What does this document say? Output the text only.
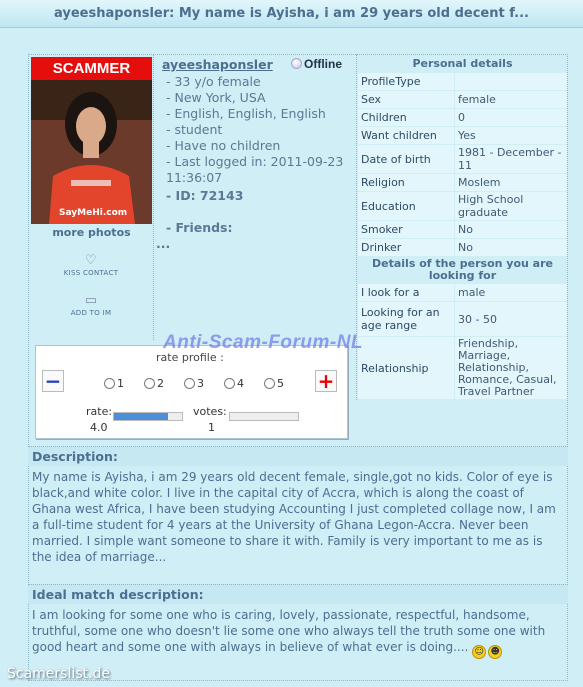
ayeeshaponsler: My name is Ayisha, i am 29 years old decent f...
SCAMMER
SayMeHi.com
more photos
♡
KISS CONTACT
▭
ADD TO IM
ayeeshaponsler
- 33 y/o female
- New York, USA
- English, English, English
- student
- Have no children
- Last logged in: 2011-09-23 11:36:07
- ID: 72143
- Friends:
...
Offline	Personal details	
ProfileType	
Sex	female
Children	0
Want children	Yes
Date of birth	1981 - December - 11
Religion	Moslem
Education	High School graduate
Smoker	No
Drinker	No
Details of the person you are looking for	
I look for a	male
Looking for an age range	30 - 50
Relationship	Friendship, Marriage, Relationship, Romance, Casual, Travel Partner
rate profile :
−	1	2	3	4	5 +
rate:
4.0
votes:
1
Anti-Scam-Forum-NL
Description:

My name is Ayisha, i am 29 years old decent female, single,got no kids. Color of eye is black,and white color. I live in the capital city of Accra, which is along the coast of Ghana west Africa, I have been studying Accounting I just completed collage now, I am a full-time student for 4 years at the University of Ghana Legon-Accra. Never been married. I simple want someone to share it with. Family is very important to me as is the idea of marriage...

Ideal match description:

I am looking for some one who is caring, lovely, passionate, respectful, handsome, truthful, some one who doesn't lie some one who always tell the truth some one with good heart and some one with always in believe of what ever is doing.... ☺ ☻

Scamerslist.de
